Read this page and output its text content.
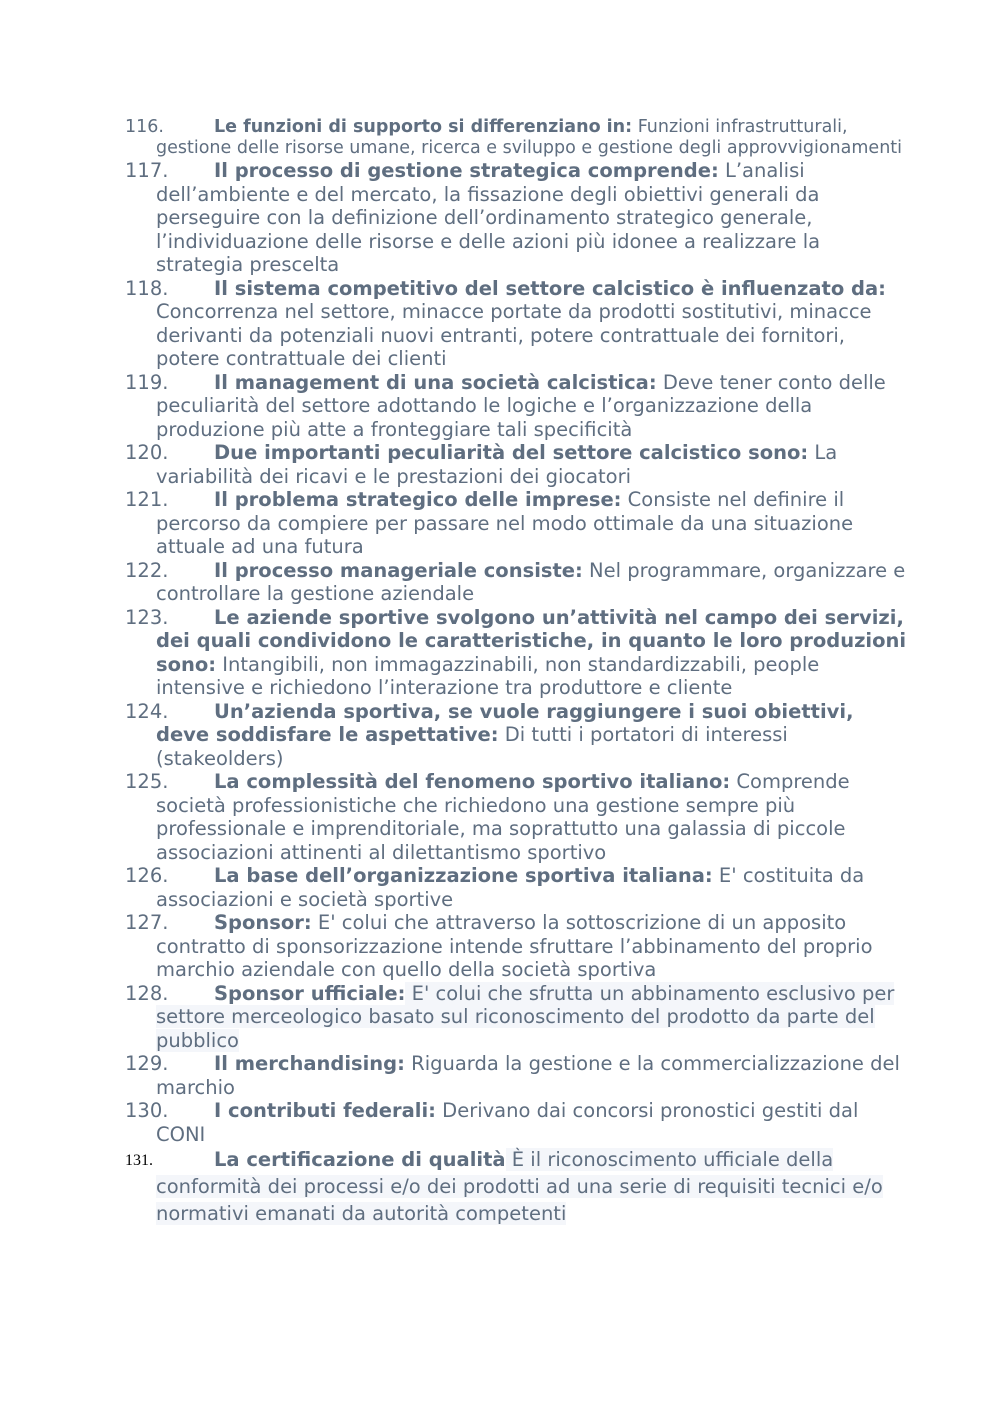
116.	Le funzioni di supporto si differenziano in: Funzioni infrastrutturali, gestione delle risorse umane, ricerca e sviluppo e gestione degli approvvigionamenti
117. Il processo di gestione strategica comprende: L’analisi dell’ambiente e del mercato, la fissazione degli obiettivi generali da perseguire con la definizione dell’ordinamento strategico generale, l’individuazione delle risorse e delle azioni più idonee a realizzare la strategia prescelta
118. Il sistema competitivo del settore calcistico è influenzato da: Concorrenza nel settore, minacce portate da prodotti sostitutivi, minacce derivanti da potenziali nuovi entranti, potere contrattuale dei fornitori, potere contrattuale dei clienti
119. Il management di una società calcistica: Deve tener conto delle peculiarità del settore adottando le logiche e l’organizzazione della produzione più atte a fronteggiare tali specificità
120. Due importanti peculiarità del settore calcistico sono: La variabilità dei ricavi e le prestazioni dei giocatori
121. Il problema strategico delle imprese: Consiste nel definire il percorso da compiere per passare nel modo ottimale da una situazione attuale ad una futura
122. Il processo manageriale consiste: Nel programmare, organizzare e controllare la gestione aziendale
123. Le aziende sportive svolgono un’attività nel campo dei servizi, dei quali condividono le caratteristiche, in quanto le loro produzioni sono: Intangibili, non immagazzinabili, non standardizzabili, people intensive e richiedono l’interazione tra produttore e cliente
124. Un’azienda sportiva, se vuole raggiungere i suoi obiettivi, deve soddisfare le aspettative: Di tutti i portatori di interessi (stakeolders)
125. La complessità del fenomeno sportivo italiano: Comprende società professionistiche che richiedono una gestione sempre più professionale e imprenditoriale, ma soprattutto una galassia di piccole associazioni attinenti al dilettantismo sportivo
126. La base dell’organizzazione sportiva italiana: E' costituita da associazioni e società sportive
127. Sponsor: E' colui che attraverso la sottoscrizione di un apposito contratto di sponsorizzazione intende sfruttare l’abbinamento del proprio marchio aziendale con quello della società sportiva
128. Sponsor ufficiale: E' colui che sfrutta un abbinamento esclusivo per settore merceologico basato sul riconoscimento del prodotto da parte del pubblico
129. Il merchandising: Riguarda la gestione e la commercializzazione del marchio
130. I contributi federali: Derivano dai concorsi pronostici gestiti dal CONI
131.	La certificazione di qualità È il riconoscimento ufficiale della conformità dei processi e/o dei prodotti ad una serie di requisiti tecnici e/o normativi emanati da autorità competenti
